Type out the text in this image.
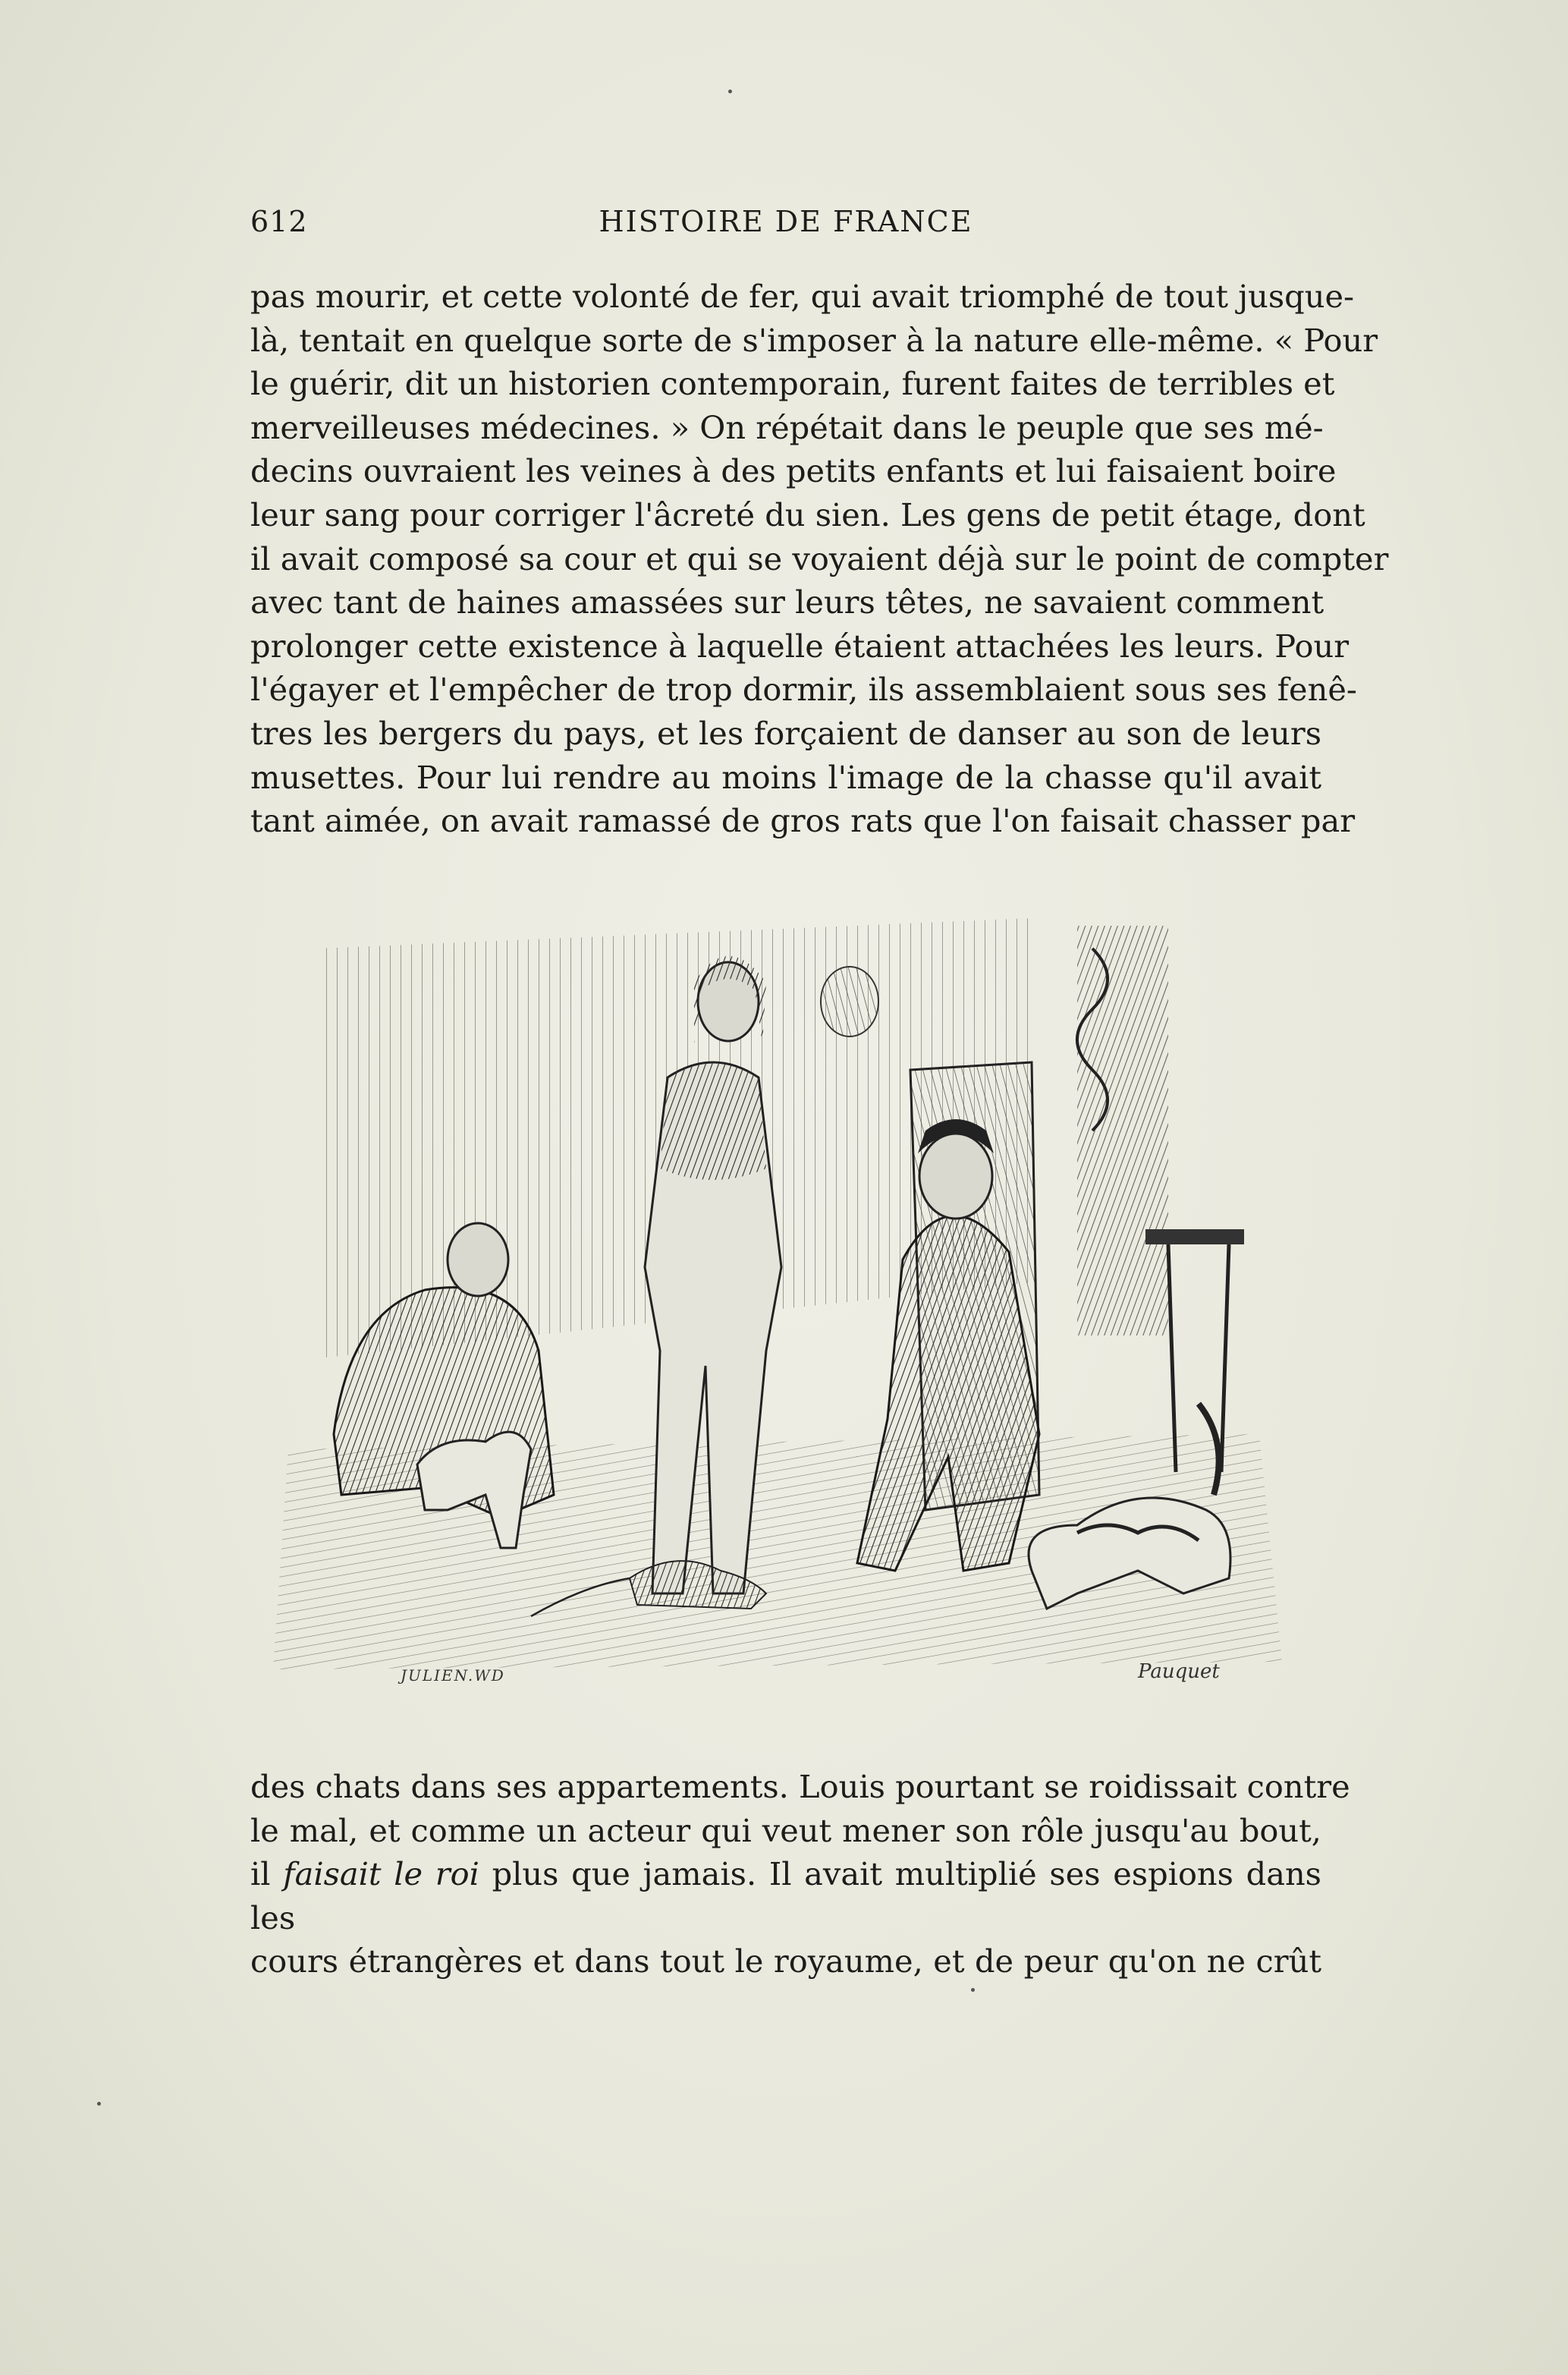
612	HISTOIRE DE FRANCE
pas mourir, et cette volonté de fer, qui avait triomphé de tout jusque-
là, tentait en quelque sorte de s'imposer à la nature elle-même. « Pour
le guérir, dit un historien contemporain, furent faites de terribles et
merveilleuses médecines. » On répétait dans le peuple que ses mé-
decins ouvraient les veines à des petits enfants et lui faisaient boire
leur sang pour corriger l'âcreté du sien. Les gens de petit étage, dont
il avait composé sa cour et qui se voyaient déjà sur le point de compter
avec tant de haines amassées sur leurs têtes, ne savaient comment
prolonger cette existence à laquelle étaient attachées les leurs. Pour
l'égayer et l'empêcher de trop dormir, ils assemblaient sous ses fenê-
tres les bergers du pays, et les forçaient de danser au son de leurs
musettes. Pour lui rendre au moins l'image de la chasse qu'il avait
tant aimée, on avait ramassé de gros rats que l'on faisait chasser par
JULIEN.WD	Pauquet
des chats dans ses appartements. Louis pourtant se roidissait contre
le mal, et comme un acteur qui veut mener son rôle jusqu'au bout,
il faisait le roi plus que jamais. Il avait multiplié ses espions dans les
cours étrangères et dans tout le royaume, et de peur qu'on ne crût
